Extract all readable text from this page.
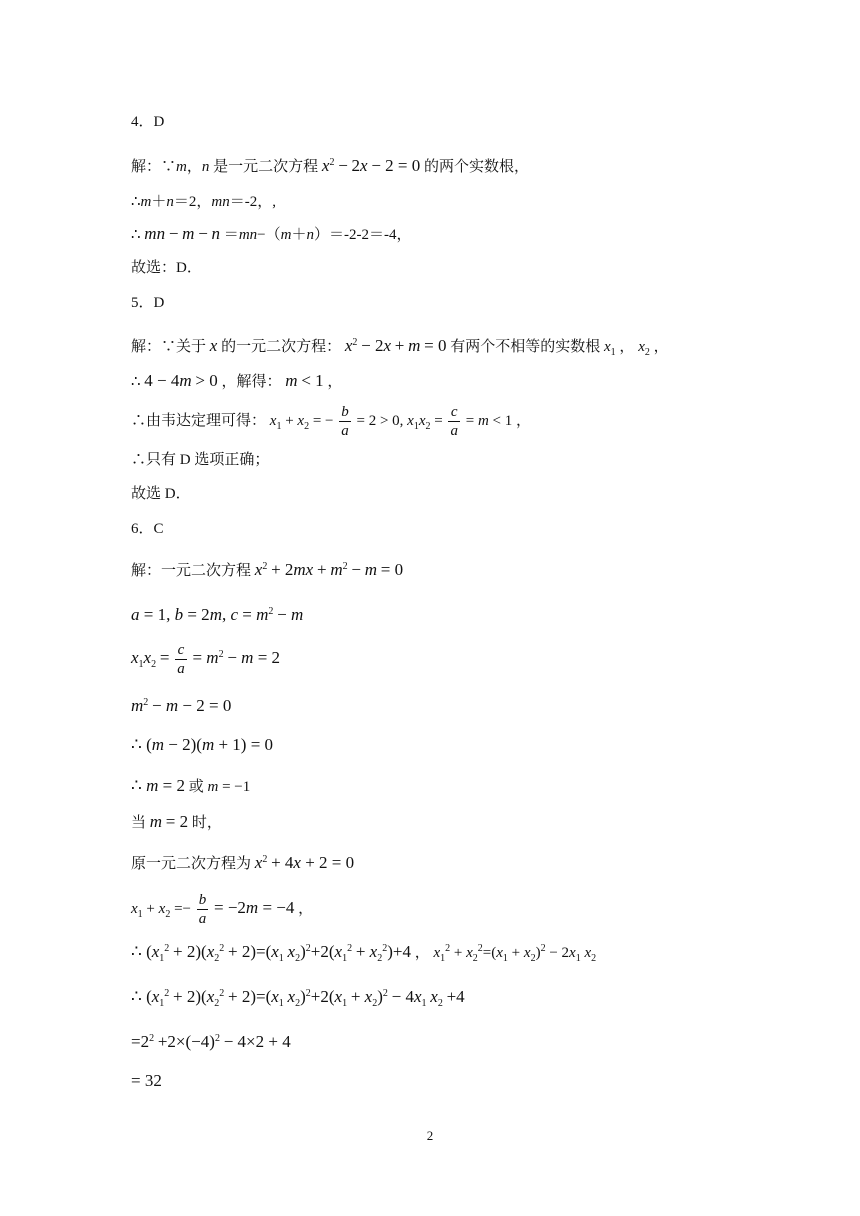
4．D
解：∵m，n 是一元二次方程 $x^2 - 2x - 2 = 0$ 的两个实数根，
∴m＋n＝2，mn＝-2，,
∴ mn − m − n ＝mn−（m＋n）＝-2-2＝-4，
故选：D．
5．D
解：∵关于 x 的一元二次方程： $x^2 - 2x + m = 0$ 有两个不相等的实数根 $x_1$ ， $x_2$ ，
∴ 4 − 4m > 0 ，解得： m < 1 ，
∴由韦达定理可得： $x_1 + x_2$ = − $\frac{b}{a} = 2 > 0$, $x_1x_2 = \frac{c}{a} = m < 1$ ，
∴只有 D 选项正确；
故选 D．
6．C
解：一元二次方程 $x^2 + 2mx + m^2 - m = 0$
a = 1, b = 2m, $c = m^2 - m$
$x_1x_2 = \frac{c}{a} = m^2 - m = 2$
$m^2 - m - 2 = 0$
∴ (m − 2)(m + 1) = 0
∴ m = 2 或 m = −1
当 m = 2 时，
原一元二次方程为 $x^2 + 4x + 2 = 0$
$x_1 + x_2 =- \frac{b}{a} = -2m = -4$ ，
∴ $(x_1^2 + 2)(x_2^2 + 2)=(x_1$ $x_2)^2+2(x_1^2 + x_2^2)+4$ ， $x_1^2 + x_2^2=(x_1 + x_2)^2 - 2x_1$ $x_2$
∴ $(x_1^2 + 2)(x_2^2 + 2)=(x_1$ $x_2)^2+2(x_1 + x_2)^2 - 4x_1$ $x_2 +4$
$=2^2 +2\times(-4)^2 - 4\times 2 + 4$
= 32
2
